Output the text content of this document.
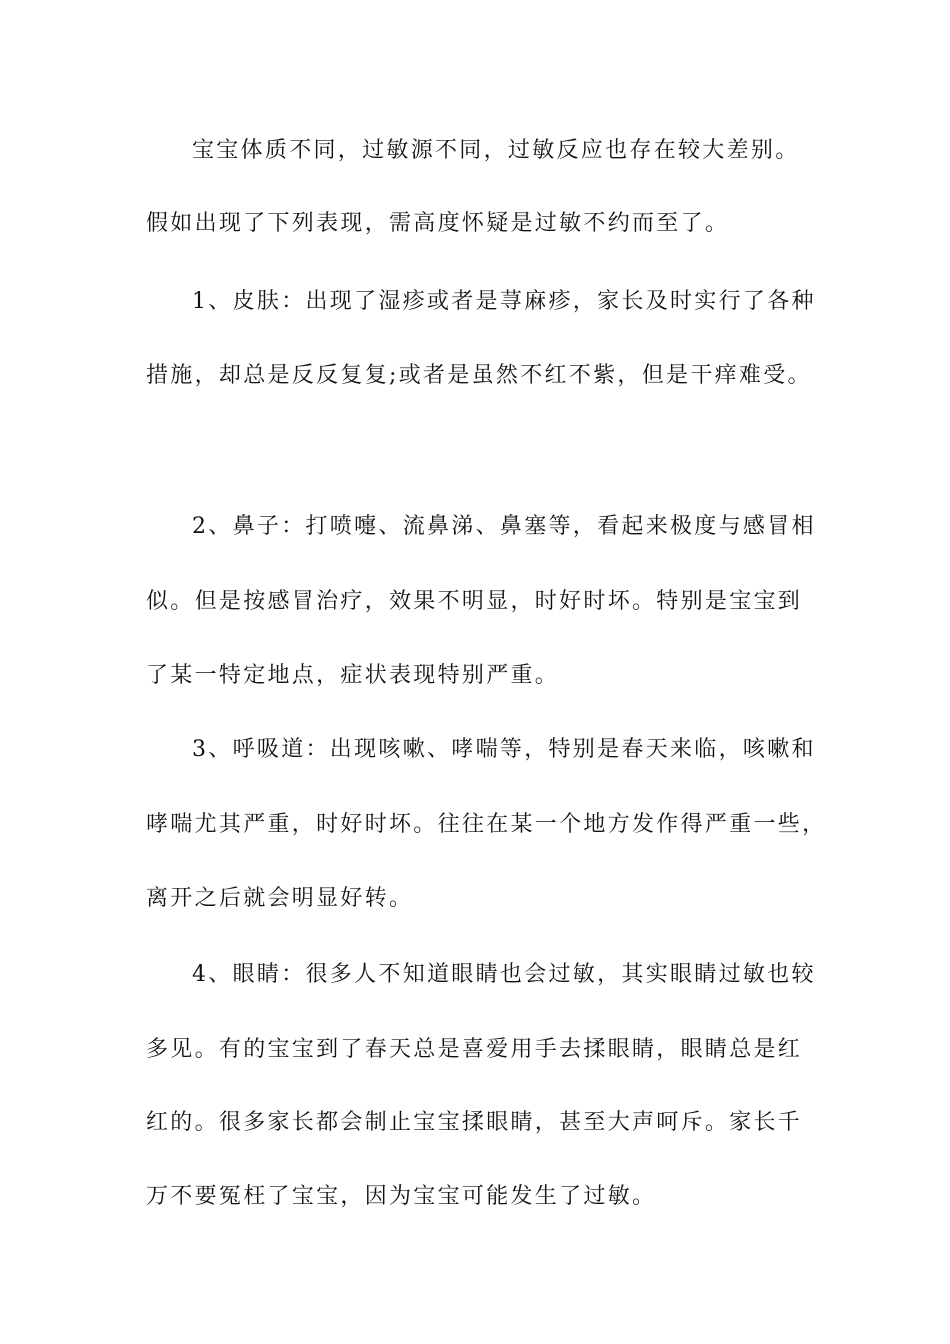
宝宝体质不同，过敏源不同，过敏反应也存在较大差别。
假如出现了下列表现，需高度怀疑是过敏不约而至了。
1、皮肤：出现了湿疹或者是荨麻疹，家长及时实行了各种
措施，却总是反反复复;或者是虽然不红不紫，但是干痒难受。
2、鼻子：打喷嚏、流鼻涕、鼻塞等，看起来极度与感冒相
似。但是按感冒治疗，效果不明显，时好时坏。特别是宝宝到
了某一特定地点，症状表现特别严重。
3、呼吸道：出现咳嗽、哮喘等，特别是春天来临，咳嗽和
哮喘尤其严重，时好时坏。往往在某一个地方发作得严重一些，
离开之后就会明显好转。
4、眼睛：很多人不知道眼睛也会过敏，其实眼睛过敏也较
多见。有的宝宝到了春天总是喜爱用手去揉眼睛，眼睛总是红
红的。很多家长都会制止宝宝揉眼睛，甚至大声呵斥。家长千
万不要冤枉了宝宝，因为宝宝可能发生了过敏。
